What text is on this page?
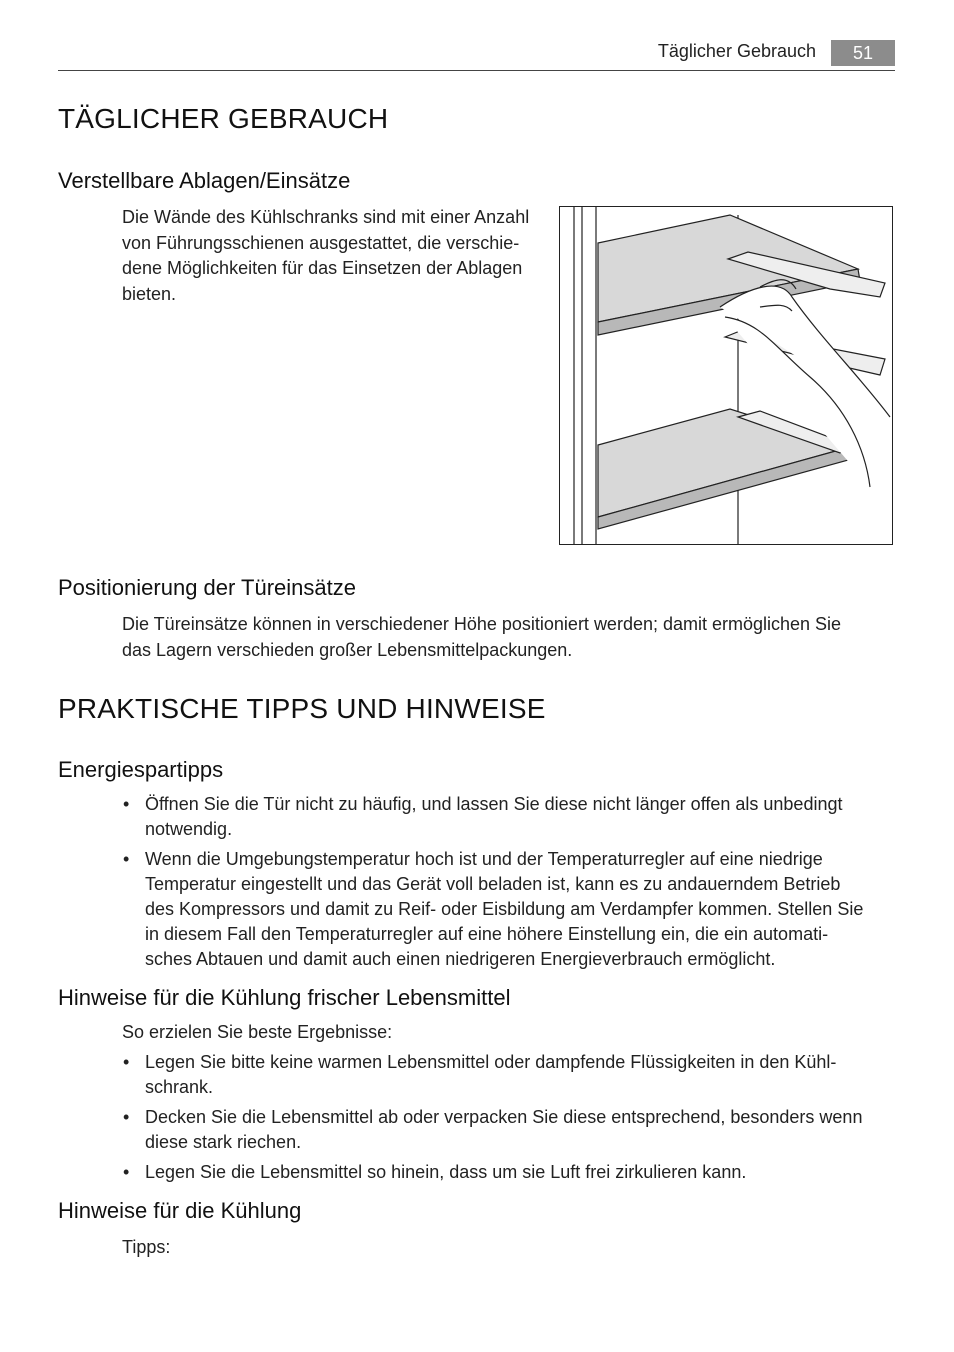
Täglicher Gebrauch	51
TÄGLICHER GEBRAUCH
Verstellbare Ablagen/Einsätze

Die Wände des Kühlschranks sind mit einer Anzahl
von Führungsschienen ausgestattet, die verschie-
dene Möglichkeiten für das Einsetzen der Ablagen
bieten.

Positionierung der Türeinsätze

Die Türeinsätze können in verschiedener Höhe positioniert werden; damit ermöglichen Sie
das Lagern verschieden großer Lebensmittelpackungen.

PRAKTISCHE TIPPS UND HINWEISE
Energiespartipps
• Öffnen Sie die Tür nicht zu häufig, und lassen Sie diese nicht länger offen als unbedingt
notwendig.
• Wenn die Umgebungstemperatur hoch ist und der Temperaturregler auf eine niedrige
Temperatur eingestellt und das Gerät voll beladen ist, kann es zu andauerndem Betrieb
des Kompressors und damit zu Reif- oder Eisbildung am Verdampfer kommen. Stellen Sie
in diesem Fall den Temperaturregler auf eine höhere Einstellung ein, die ein automati-
sches Abtauen und damit auch einen niedrigeren Energieverbrauch ermöglicht.
Hinweise für die Kühlung frischer Lebensmittel

So erzielen Sie beste Ergebnisse:

• Legen Sie bitte keine warmen Lebensmittel oder dampfende Flüssigkeiten in den Kühl-
schrank.
• Decken Sie die Lebensmittel ab oder verpacken Sie diese entsprechend, besonders wenn
diese stark riechen.
• Legen Sie die Lebensmittel so hinein, dass um sie Luft frei zirkulieren kann.
Hinweise für die Kühlung

Tipps:
